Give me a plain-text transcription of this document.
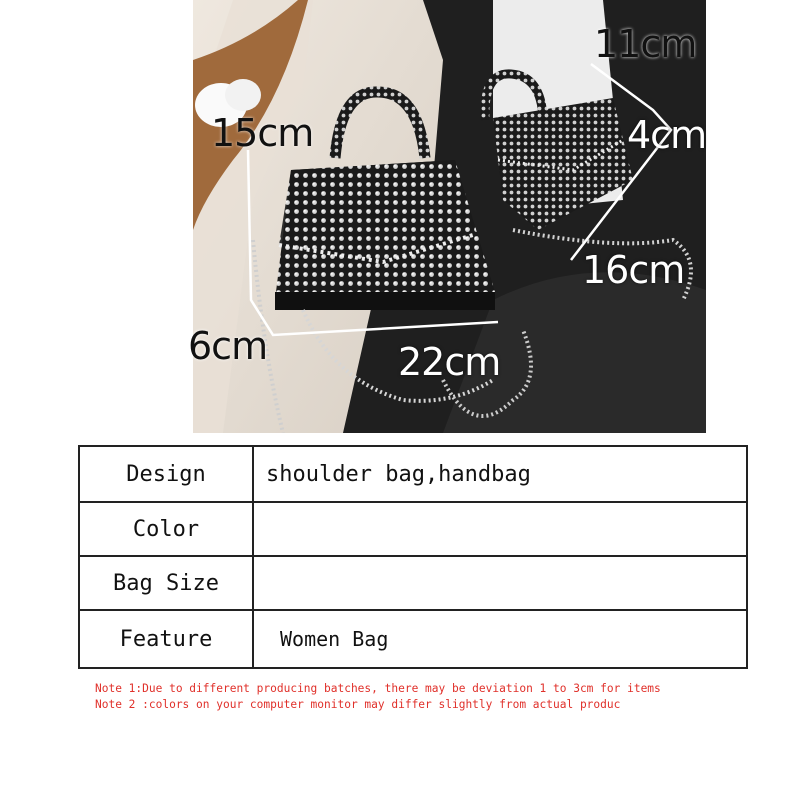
15cm
11cm
4cm
16cm
6cm	22cm
Design	shoulder bag,handbag
Color	
Bag Size	
Feature	Women Bag
Note 1:Due to different producing batches, there may be deviation 1 to 3cm for items
Note 2 :colors on your computer monitor may differ slightly from actual produc
